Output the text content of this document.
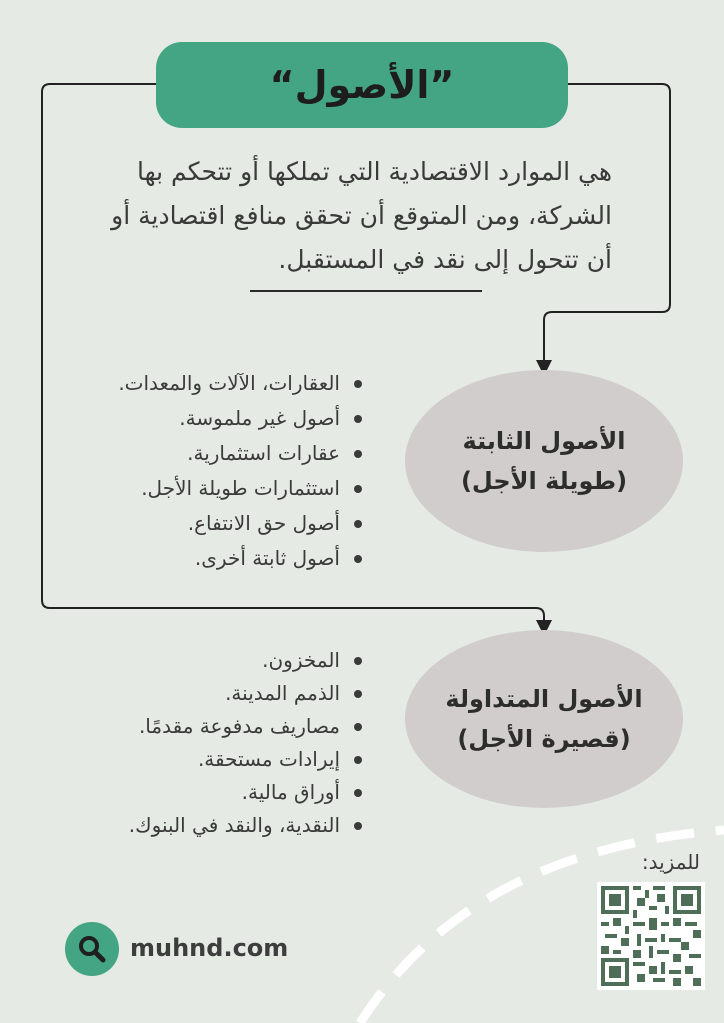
“الأصول”
هي الموارد الاقتصادية التي تملكها أو تتحكم بها الشركة، ومن المتوقع أن تحقق منافع اقتصادية أو أن تتحول إلى نقد في المستقبل.
الأصول الثابتة
(طويلة الأجل)
العقارات، الآلات والمعدات.
أصول غير ملموسة.
عقارات استثمارية.
استثمارات طويلة الأجل.
أصول حق الانتفاع.
أصول ثابتة أخرى.
الأصول المتداولة
(قصيرة الأجل)
المخزون.
الذمم المدينة.
مصاريف مدفوعة مقدمًا.
إيرادات مستحقة.
أوراق مالية.
النقدية، والنقد في البنوك.
للمزيد:
muhnd.com
